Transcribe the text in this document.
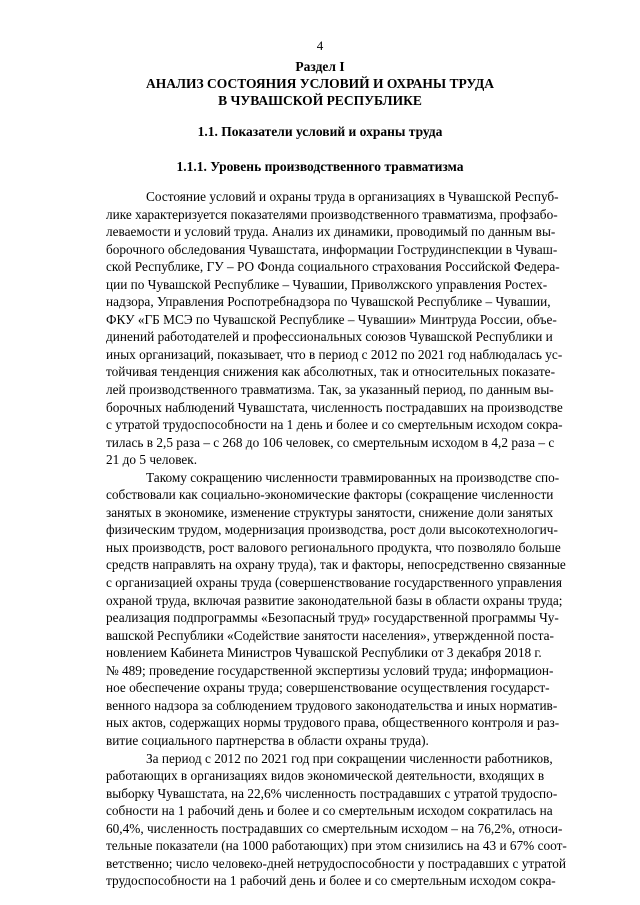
4
Раздел I
АНАЛИЗ СОСТОЯНИЯ УСЛОВИЙ И ОХРАНЫ ТРУДА
В ЧУВАШСКОЙ РЕСПУБЛИКЕ
1.1. Показатели условий и охраны труда
1.1.1. Уровень производственного травматизма
Состояние условий и охраны труда в организациях в Чувашской Респуб-
лике характеризуется показателями производственного травматизма, профзабо-
леваемости и условий труда. Анализ их динамики, проводимый по данным вы-
борочного обследования Чувашстата, информации Гострудинспекции в Чуваш-
ской Республике, ГУ – РО Фонда социального страхования Российской Федера-
ции по Чувашской Республике – Чувашии, Приволжского управления Ростех-
надзора, Управления Роспотребнадзора по Чувашской Республике – Чувашии,
ФКУ «ГБ МСЭ по Чувашской Республике – Чувашии» Минтруда России, объе-
динений работодателей и профессиональных союзов Чувашской Республики и
иных организаций, показывает, что в период с 2012 по 2021 год наблюдалась ус-
тойчивая тенденция снижения как абсолютных, так и относительных показате-
лей производственного травматизма. Так, за указанный период, по данным вы-
борочных наблюдений Чувашстата, численность пострадавших на производстве
с утратой трудоспособности на 1 день и более и со смертельным исходом сокра-
тилась в 2,5 раза – с 268 до 106 человек, со смертельным исходом в 4,2 раза – с
21 до 5 человек.
Такому сокращению численности травмированных на производстве спо-
собствовали как социально-экономические факторы (сокращение численности
занятых в экономике, изменение структуры занятости, снижение доли занятых
физическим трудом, модернизация производства, рост доли высокотехнологич-
ных производств, рост валового регионального продукта, что позволяло больше
средств направлять на охрану труда), так и факторы, непосредственно связанные
с организацией охраны труда (совершенствование государственного управления
охраной труда, включая развитие законодательной базы в области охраны труда;
реализация подпрограммы «Безопасный труд» государственной программы Чу-
вашской Республики «Содействие занятости населения», утвержденной поста-
новлением Кабинета Министров Чувашской Республики от 3 декабря 2018 г.
№ 489; проведение государственной экспертизы условий труда; информацион-
ное обеспечение охраны труда; совершенствование осуществления государст-
венного надзора за соблюдением трудового законодательства и иных норматив-
ных актов, содержащих нормы трудового права, общественного контроля и раз-
витие социального партнерства в области охраны труда).
За период с 2012 по 2021 год при сокращении численности работников,
работающих в организациях видов экономической деятельности, входящих в
выборку Чувашстата, на 22,6% численность пострадавших с утратой трудоспо-
собности на 1 рабочий день и более и со смертельным исходом сократилась на
60,4%, численность пострадавших со смертельным исходом – на 76,2%, относи-
тельные показатели (на 1000 работающих) при этом снизились на 43 и 67% соот-
ветственно; число человеко-дней нетрудоспособности у пострадавших с утратой
трудоспособности на 1 рабочий день и более и со смертельным исходом сокра-
